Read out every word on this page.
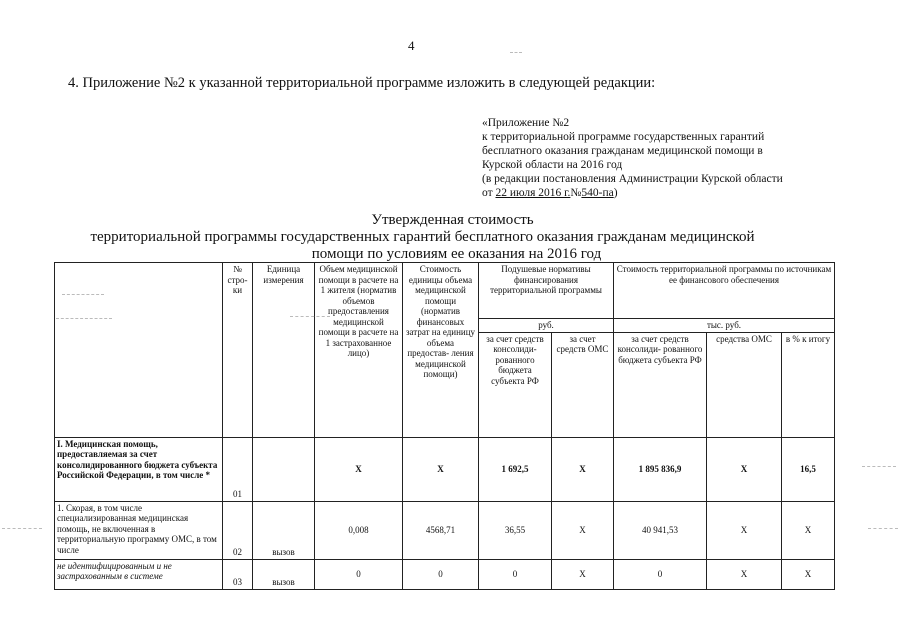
4
4. Приложение №2 к указанной территориальной программе изложить в следующей редакции:
«Приложение №2
к территориальной программе государственных гарантий
бесплатного оказания гражданам медицинской помощи в
Курской области на 2016 год
(в редакции постановления Администрации Курской области
от 22 июля 2016 г.№540-па)
Утвержденная стоимость
территориальной программы государственных гарантий бесплатного оказания гражданам медицинской
помощи по условиям ее оказания на 2016 год
	№ стро- ки	Единица измерения	Объем медицинской помощи в расчете на 1 жителя (норматив объемов предоставления медицинской помощи в расчете на 1 застрахованное лицо)	Стоимость единицы объема медицинской помощи (норматив финансовых затрат на единицу объема предостав- ления медицинской помощи)	Подушевые нормативы финансирования территориальной программы		Стоимость территориальной программы по источникам ее финансового обеспечения		
					руб.		тыс. руб.		
					за счет средств консолиди- рованного бюджета субъекта РФ	за счет средств ОМС	за счет средств консолиди- рованного бюджета субъекта РФ	средства ОМС	в % к итогу
I. Медицинская помощь, предоставляемая за счет консолидированного бюджета субъекта Российской Федерации, в том числе *	01		X	X	1 692,5	X	1 895 836,9	X	16,5
1. Скорая, в том числе специализированная медицинская помощь, не включенная в территориальную программу ОМС, в том числе	02	вызов	0,008	4568,71	36,55	X	40 941,53	X	X
не идентифицированным и не застрахованным в системе	03	вызов	0	0	0	X	0	X	X
